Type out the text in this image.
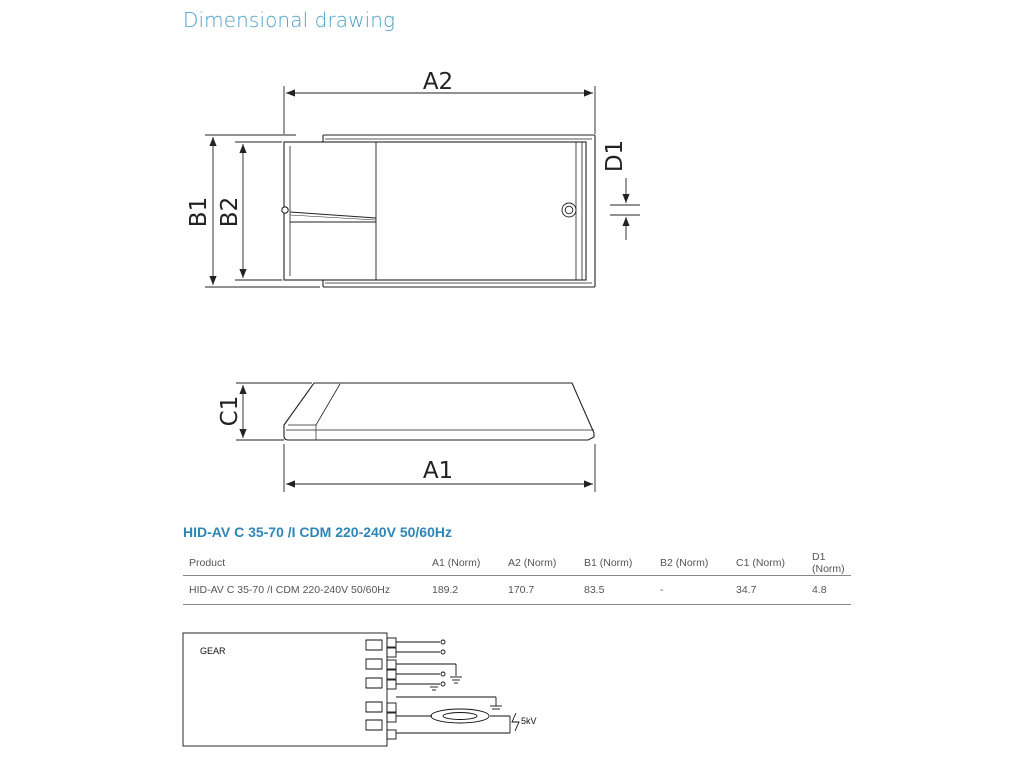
Dimensional drawing
A2
B1 B2
D1
C1
A1
GEAR
5kV
HID-AV C 35-70 /I CDM 220-240V 50/60Hz
Product	A1 (Norm)	A2 (Norm)	B1 (Norm)	B2 (Norm)	C1 (Norm)	D1 (Norm)
HID-AV C 35-70 /I CDM 220-240V 50/60Hz	189.2	170.7	83.5	-	34.7	4.8
